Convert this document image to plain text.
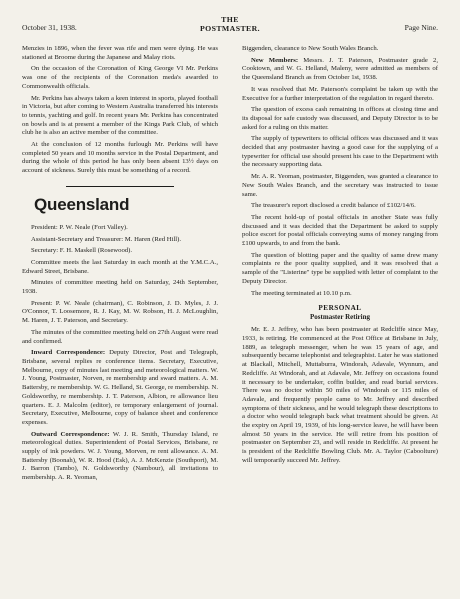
October 31, 1938.
THE
POSTMASTER.	Page Nine.

Menzies in 1896, when the fever was rife and men were dying. He was stationed at Broome during the Japanese and Malay riots.

On the occasion of the Coronation of King George VI Mr. Perkins was one of the recipients of the Coronation meda's awarded to Commonwealth officials.

Mr. Perkins has always taken a keen interest in sports, played football in Victoria, but after coming to Western Australia transferred his interests to tennis, yachting and golf. In recent years Mr. Perkins has concentrated on bowls and is at present a member of the Kings Park Club, of which club he is also an active member of the committee.

At the conclusion of 12 months furlough Mr. Perkins will have completed 50 years and 10 months service in the Postal Department, and during the whole of this period he has only been absent 13½ days on account of sickness. Surely this must be something of a record.

Queensland

President: P. W. Neale (Fort Valley).

Assistant-Secretary and Treasurer: M. Haren (Red Hill).

Secretary: F. H. Maskell (Rosewood).

Committee meets the last Saturday in each month at the Y.M.C.A., Edward Street, Brisbane.

Minutes of committee meeting held on Saturday, 24th September, 1938.

Present: P. W. Neale (chairman), C. Robinson, J. D. Myles, J. J. O'Connor, T. Loosemore, R. J. Kay, M. W. Robson, H. J. McLoughlin, M. Haren, J. T. Paterson, and Secretary.

The minutes of the committee meeting held on 27th August were read and confirmed.

Inward Correspondence: Deputy Director, Post and Telegraph, Brisbane, several replies re conference items. Secretary, Executive, Melbourne, copy of minutes last meeting and meteorological matters. W. J. Young, Postmaster, Norven, re membership and sward matters. A. M. Battersby, re membership. W. G. Helland, St. George, re membership. N. Goldsworthy, re membership. J. T. Paterson, Albion, re allowance lieu quarters. E. J. Malcolm (editor), re temporary enlargement of journal. Secretary, Executive, Melbourne, copy of balance sheet and conference expenses.

Outward Correspondence: W. J. R. Smith, Thursday Island, re meteorological duties. Superintendent of Postal Services, Brisbane, re supply of ink powders. W. J. Young, Morven, re rent allowance. A. M. Battersby (Boonah), W. R. Hood (Esk), A. J. McKenzie (Southport), M. J. Barron (Tambo), N. Goldsworthy (Nambour), all invitations to membership. A. R. Yeoman,

Biggenden, clearance to New South Wales Branch.

New Members: Messrs. J. T. Paterson, Postmaster grade 2, Cooktown, and W. G. Helland, Maleny, were admitted as members of the Queensland Branch as from October 1st, 1938.

It was resolved that Mr. Paterson's complaint be taken up with the Executive for a further interpretation of the regulation in regard thereto.

The question of excess cash remaining in offices at closing time and its disposal for safe custody was discussed, and Deputy Director is to be asked for a ruling on this matter.

The supply of typewriters to official offices was discussed and it was decided that any postmaster having a good case for the supplying of a typewriter for official use should present his case to the Department with the necessary supporting data.

Mr. A. R. Yeoman, postmaster, Biggenden, was granted a clearance to New South Wales Branch, and the secretary was instructed to issue same.

The treasurer's report disclosed a credit balance of £102/14/6.

The recent hold-up of postal officials in another State was fully discussed and it was decided that the Department be asked to supply police escort for postal officials conveying sums of money ranging from £100 upwards, to and from the bank.

The question of blotting paper and the quality of same drew many complaints re the poor quality supplied, and it was resolved that a sample of the "Listerine" type be supplied with letter of complaint to the Deputy Director.

The meeting terminated at 10.10 p.m.

PERSONAL
Postmaster Retiring

Mr. E. J. Jeffrey, who has been postmaster at Redcliffe since May, 1933, is retiring. He commenced at the Post Office at Brisbane in July, 1889, as telegraph messenger, when he was 15 years of age, and subsequently became telephonist and telegraphist. Later he was stationed at Blackall, Mitchell, Muttaburra, Windorah, Adavale, Wynnum, and Redcliffe. At Windorah, and at Adavale, Mr. Jeffrey on occasions found it necessary to be undertaker, coffin builder, and read burial services. There was no doctor within 50 miles of Windorah or 115 miles of Adavale, and frequently people came to Mr. Jeffrey and described symptoms of their sickness, and he would telegraph these descriptions to a doctor who would telegraph back what treatment should be given. At the expiry on April 19, 1939, of his long-service leave, he will have been almost 50 years in the service. He will retire from his position of postmaster on September 23, and will reside in Redcliffe. At present he is president of the Redcliffe Bowling Club. Mr. A. Taylor (Caboolture) will temporarily succeed Mr. Jeffrey.
